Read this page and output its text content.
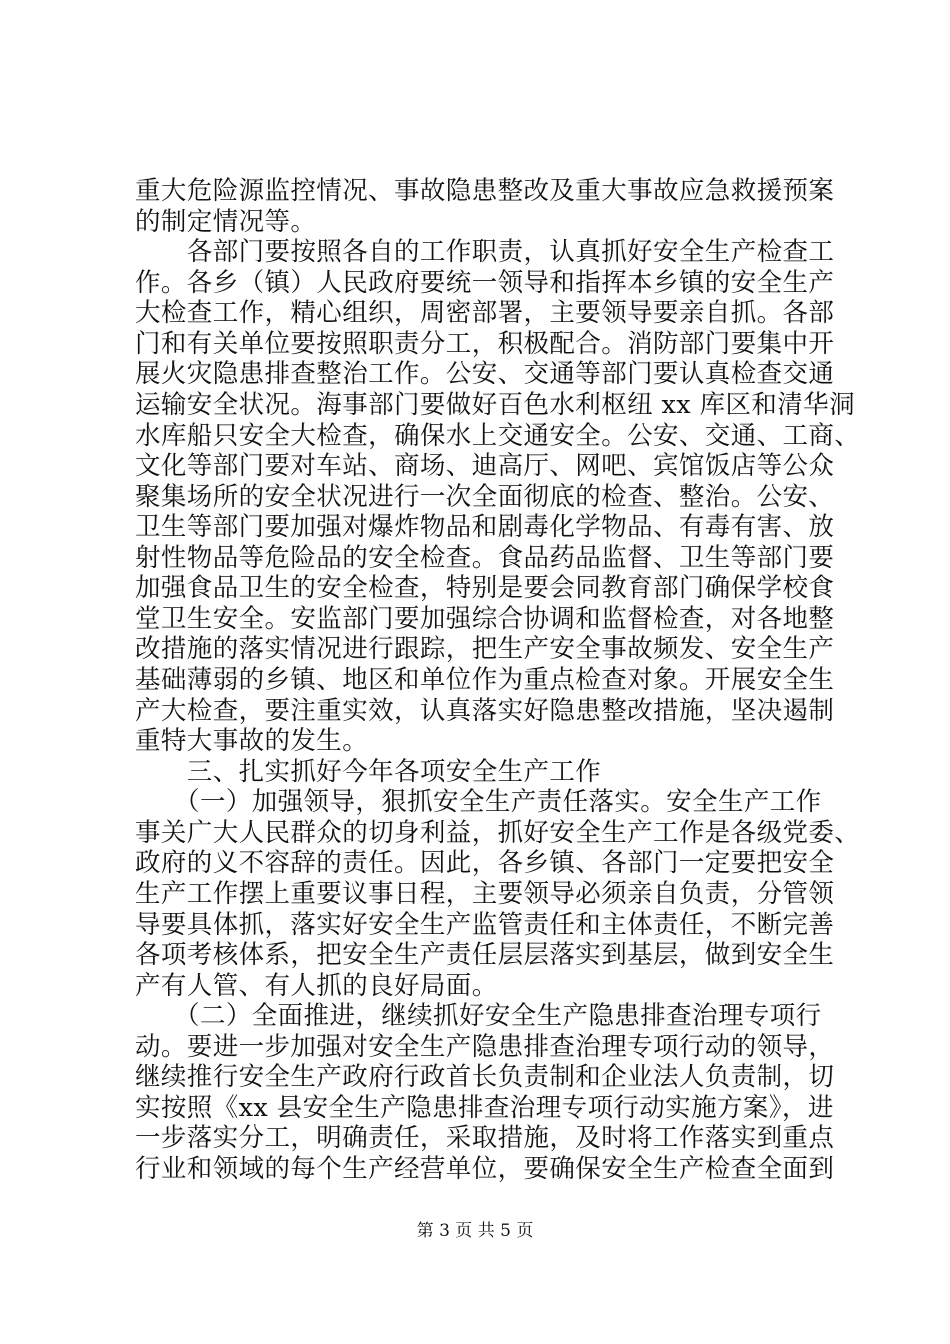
重大危险源监控情况、事故隐患整改及重大事故应急救援预案
的制定情况等。
　　各部门要按照各自的工作职责，认真抓好安全生产检查工
作。各乡（镇）人民政府要统一领导和指挥本乡镇的安全生产
大检查工作，精心组织，周密部署，主要领导要亲自抓。各部
门和有关单位要按照职责分工，积极配合。消防部门要集中开
展火灾隐患排查整治工作。公安、交通等部门要认真检查交通
运输安全状况。海事部门要做好百色水利枢纽 xx 库区和清华洞
水库船只安全大检查，确保水上交通安全。公安、交通、工商、
文化等部门要对车站、商场、迪高厅、网吧、宾馆饭店等公众
聚集场所的安全状况进行一次全面彻底的检查、整治。公安、
卫生等部门要加强对爆炸物品和剧毒化学物品、有毒有害、放
射性物品等危险品的安全检查。食品药品监督、卫生等部门要
加强食品卫生的安全检查，特别是要会同教育部门确保学校食
堂卫生安全。安监部门要加强综合协调和监督检查，对各地整
改措施的落实情况进行跟踪，把生产安全事故频发、安全生产
基础薄弱的乡镇、地区和单位作为重点检查对象。开展安全生
产大检查，要注重实效，认真落实好隐患整改措施，坚决遏制
重特大事故的发生。
　　三、扎实抓好今年各项安全生产工作
　　（一）加强领导，狠抓安全生产责任落实。安全生产工作
事关广大人民群众的切身利益，抓好安全生产工作是各级党委、
政府的义不容辞的责任。因此，各乡镇、各部门一定要把安全
生产工作摆上重要议事日程，主要领导必须亲自负责，分管领
导要具体抓，落实好安全生产监管责任和主体责任，不断完善
各项考核体系，把安全生产责任层层落实到基层，做到安全生
产有人管、有人抓的良好局面。
　　（二）全面推进，继续抓好安全生产隐患排查治理专项行
动。要进一步加强对安全生产隐患排查治理专项行动的领导，
继续推行安全生产政府行政首长负责制和企业法人负责制，切
实按照《xx 县安全生产隐患排查治理专项行动实施方案》，进
一步落实分工，明确责任，采取措施，及时将工作落实到重点
行业和领域的每个生产经营单位，要确保安全生产检查全面到
第 3 页 共 5 页
